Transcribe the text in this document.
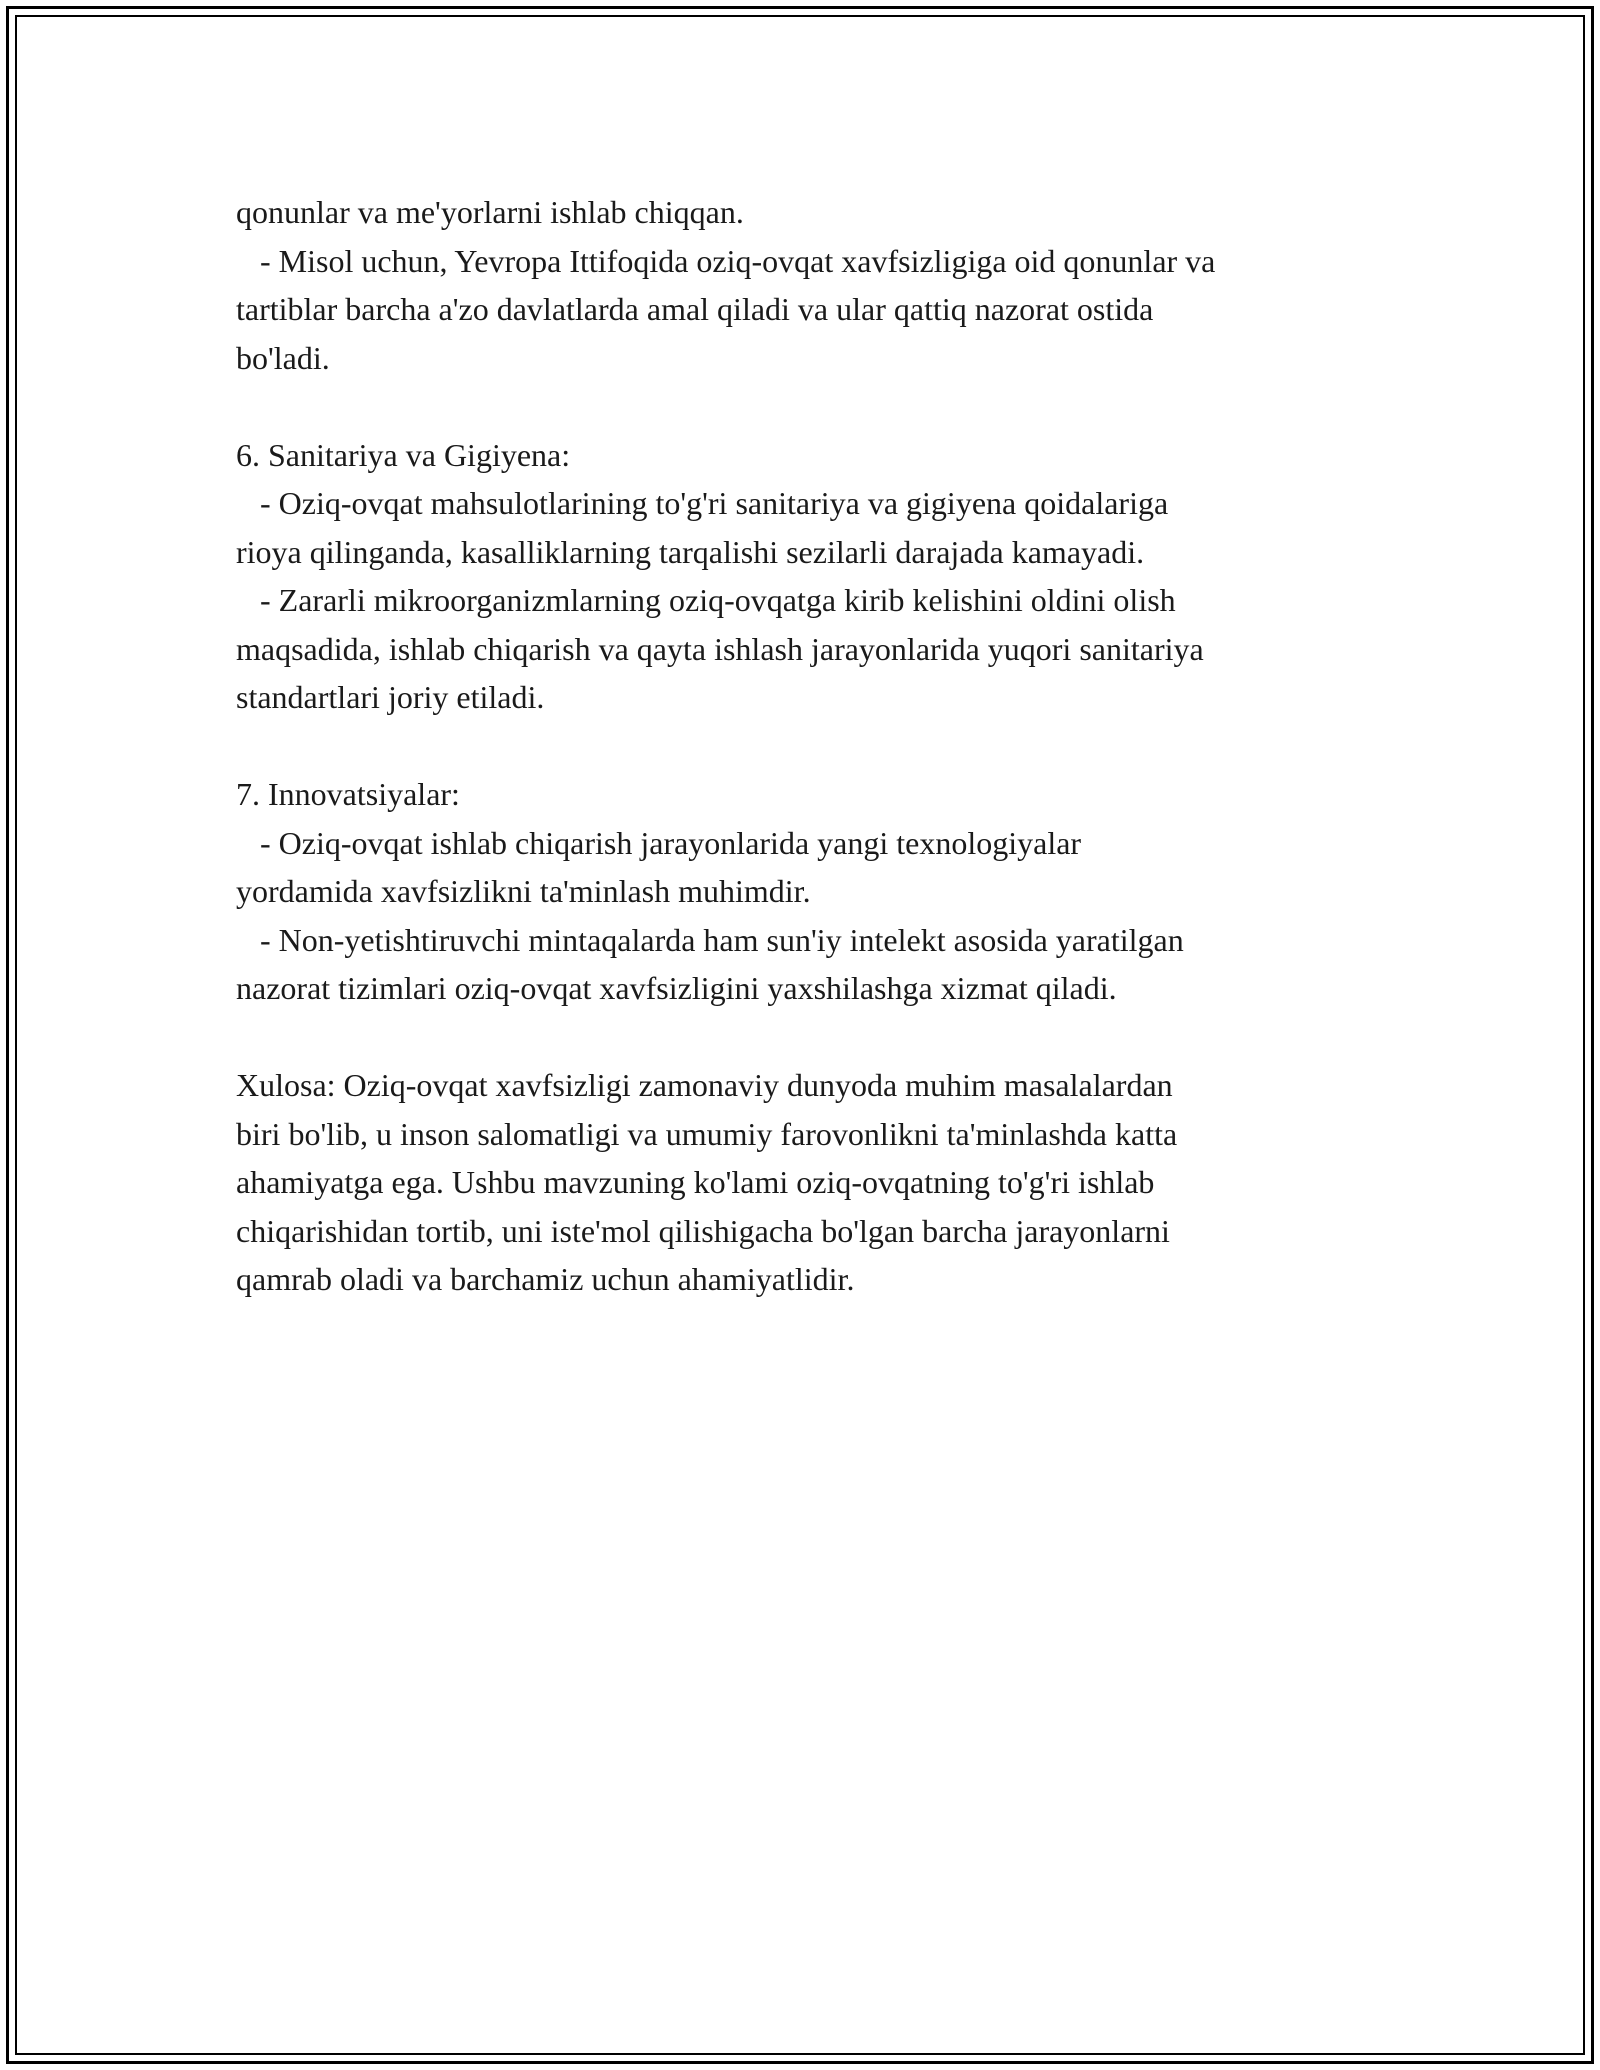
qonunlar va me'yorlarni ishlab chiqqan.
- Misol uchun, Yevropa Ittifoqida oziq-ovqat xavfsizligiga oid qonunlar va
tartiblar barcha a'zo davlatlarda amal qiladi va ular qattiq nazorat ostida
bo'ladi.
6. Sanitariya va Gigiyena:
- Oziq-ovqat mahsulotlarining to'g'ri sanitariya va gigiyena qoidalariga
rioya qilinganda, kasalliklarning tarqalishi sezilarli darajada kamayadi.
- Zararli mikroorganizmlarning oziq-ovqatga kirib kelishini oldini olish
maqsadida, ishlab chiqarish va qayta ishlash jarayonlarida yuqori sanitariya
standartlari joriy etiladi.
7. Innovatsiyalar:
- Oziq-ovqat ishlab chiqarish jarayonlarida yangi texnologiyalar
yordamida xavfsizlikni ta'minlash muhimdir.
- Non-yetishtiruvchi mintaqalarda ham sun'iy intelekt asosida yaratilgan
nazorat tizimlari oziq-ovqat xavfsizligini yaxshilashga xizmat qiladi.
Xulosa: Oziq-ovqat xavfsizligi zamonaviy dunyoda muhim masalalardan
biri bo'lib, u inson salomatligi va umumiy farovonlikni ta'minlashda katta
ahamiyatga ega. Ushbu mavzuning ko'lami oziq-ovqatning to'g'ri ishlab
chiqarishidan tortib, uni iste'mol qilishigacha bo'lgan barcha jarayonlarni
qamrab oladi va barchamiz uchun ahamiyatlidir.
